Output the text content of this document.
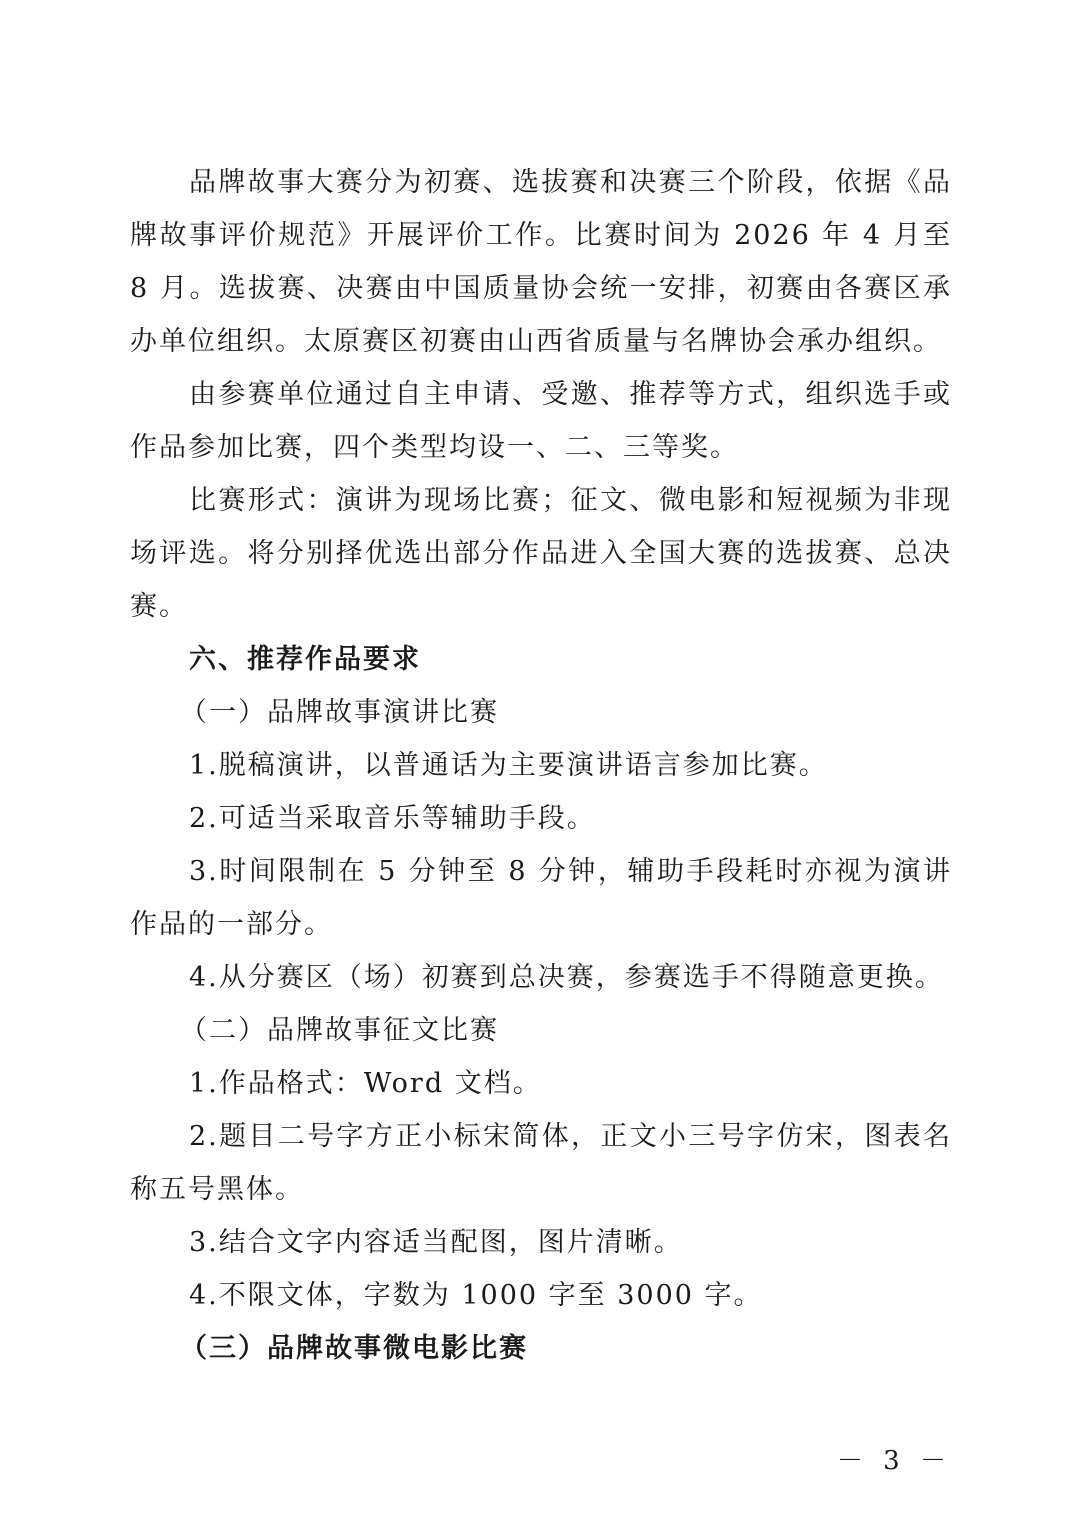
品牌故事大赛分为初赛、选拔赛和决赛三个阶段，依据《品牌故事评价规范》开展评价工作。比赛时间为 2026 年 4 月至 8 月。选拔赛、决赛由中国质量协会统一安排，初赛由各赛区承办单位组织。太原赛区初赛由山西省质量与名牌协会承办组织。

由参赛单位通过自主申请、受邀、推荐等方式，组织选手或作品参加比赛，四个类型均设一、二、三等奖。

比赛形式：演讲为现场比赛；征文、微电影和短视频为非现场评选。将分别择优选出部分作品进入全国大赛的选拔赛、总决赛。

六、推荐作品要求

（一）品牌故事演讲比赛

1.脱稿演讲，以普通话为主要演讲语言参加比赛。

2.可适当采取音乐等辅助手段。

3.时间限制在 5 分钟至 8 分钟，辅助手段耗时亦视为演讲作品的一部分。

4.从分赛区（场）初赛到总决赛，参赛选手不得随意更换。

（二）品牌故事征文比赛

1.作品格式：Word 文档。

2.题目二号字方正小标宋简体，正文小三号字仿宋，图表名称五号黑体。

3.结合文字内容适当配图，图片清晰。

4.不限文体，字数为 1000 字至 3000 字。

（三）品牌故事微电影比赛

－ 3 －
